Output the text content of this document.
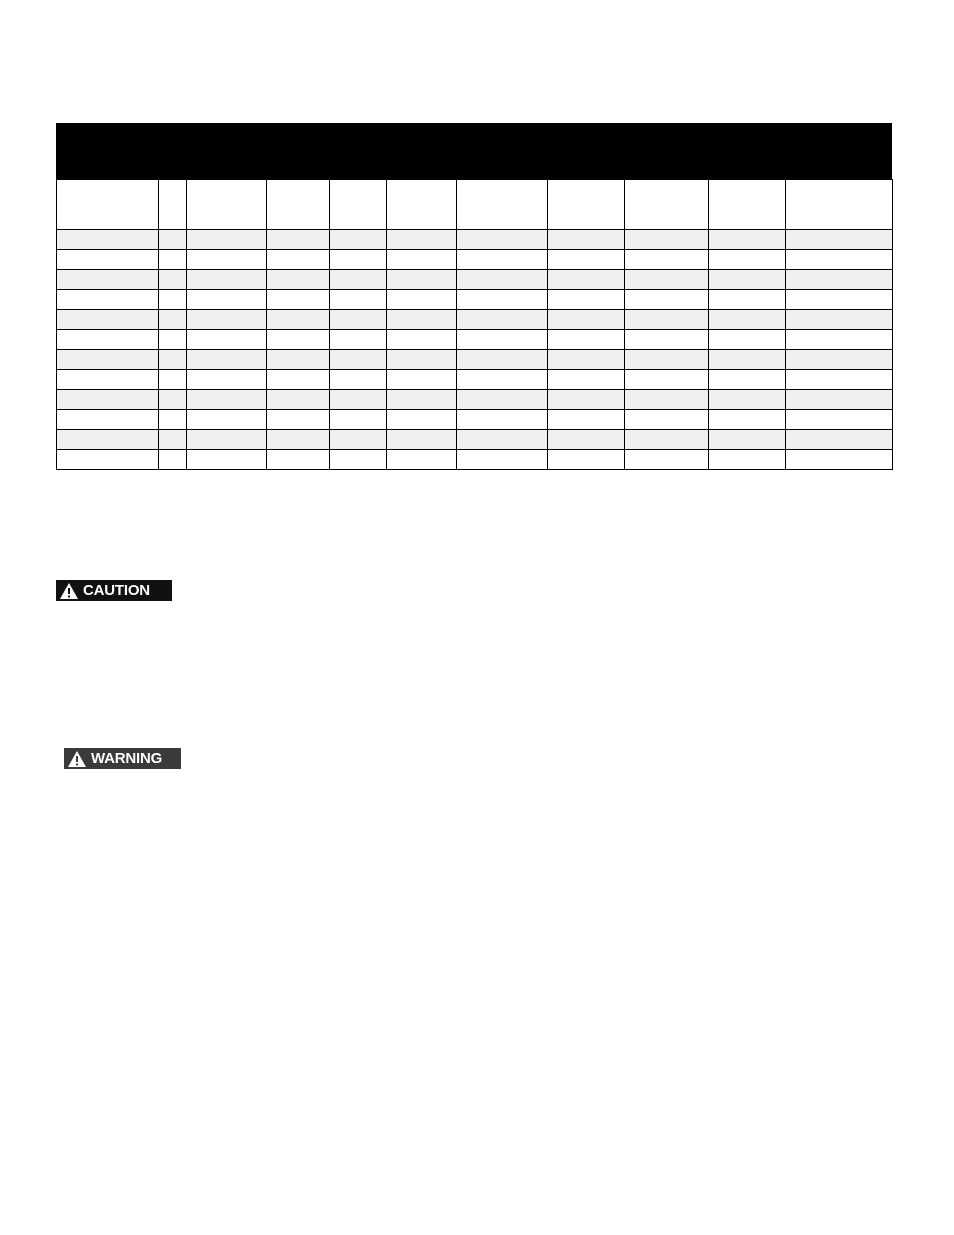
CAUTION
WARNING
